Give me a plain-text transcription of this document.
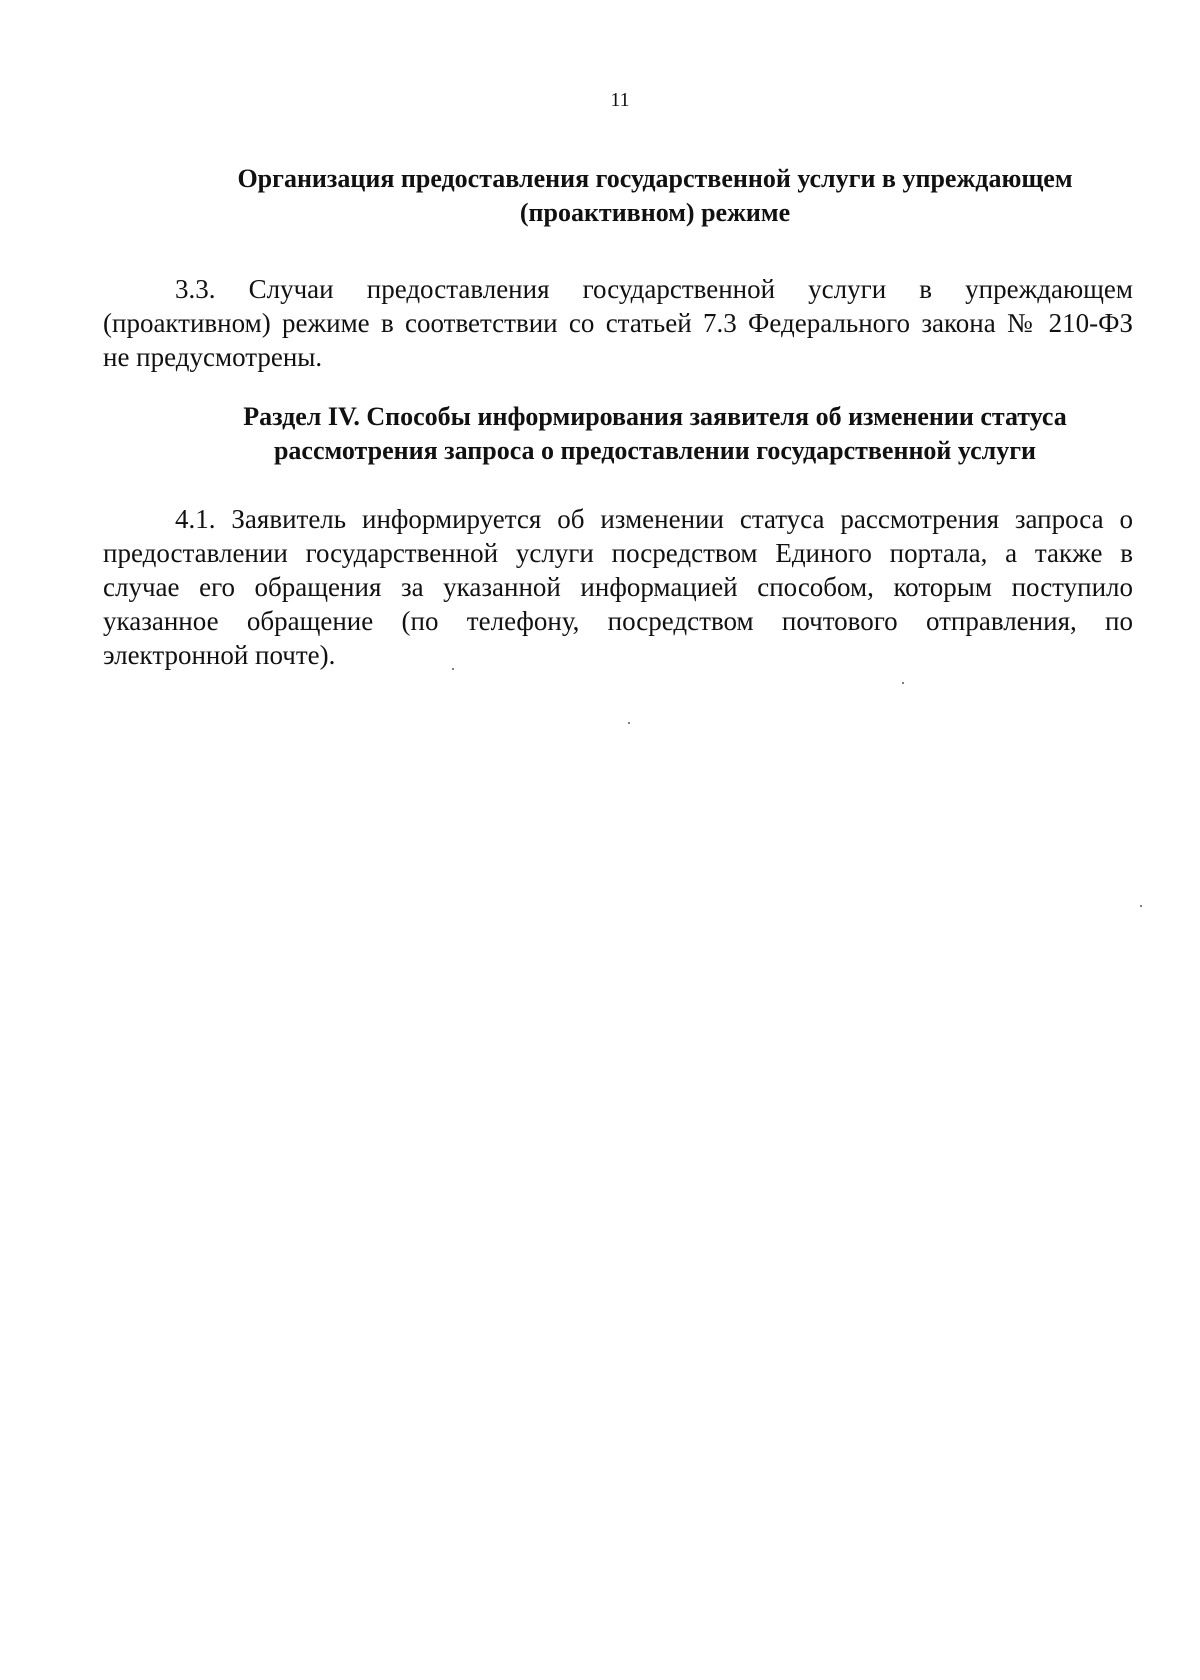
11
Организация предоставления государственной услуги в упреждающем
(проактивном) режиме
3.3. Случаи предоставления государственной услуги в упреждающем
(проактивном) режиме в соответствии со статьей 7.3 Федерального закона № 210-ФЗ
не предусмотрены.
Раздел IV. Способы информирования заявителя об изменении статуса
рассмотрения запроса о предоставлении государственной услуги
4.1. Заявитель информируется об изменении статуса рассмотрения запроса о
предоставлении государственной услуги посредством Единого портала, а также в
случае его обращения за указанной информацией способом, которым поступило
указанное обращение (по телефону, посредством почтового отправления, по
электронной почте).
